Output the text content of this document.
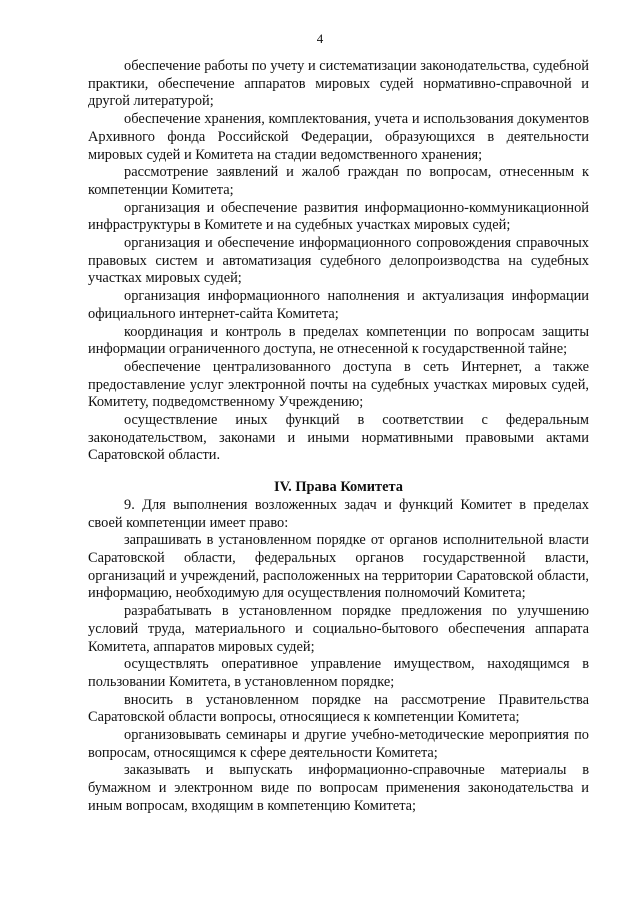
4

обеспечение работы по учету и систематизации законодательства, судебной практики, обеспечение аппаратов мировых судей нормативно-справочной и другой литературой;

обеспечение хранения, комплектования, учета и использования документов Архивного фонда Российской Федерации, образующихся в деятельности мировых судей и Комитета на стадии ведомственного хранения;

рассмотрение заявлений и жалоб граждан по вопросам, отнесенным к компетенции Комитета;

организация и обеспечение развития информационно-коммуникационной инфраструктуры в Комитете и на судебных участках мировых судей;

организация и обеспечение информационного сопровождения справочных правовых систем и автоматизация судебного делопроизводства на судебных участках мировых судей;

организация информационного наполнения и актуализация информации официального интернет-сайта Комитета;

координация и контроль в пределах компетенции по вопросам защиты информации ограниченного доступа, не отнесенной к государственной тайне;

обеспечение централизованного доступа в сеть Интернет, а также предоставление услуг электронной почты на судебных участках мировых судей, Комитету, подведомственному Учреждению;

осуществление иных функций в соответствии с федеральным законодательством, законами и иными нормативными правовыми актами Саратовской области.

IV. Права Комитета

9. Для выполнения возложенных задач и функций Комитет в пределах своей компетенции имеет право:

запрашивать в установленном порядке от органов исполнительной власти Саратовской области, федеральных органов государственной власти, организаций и учреждений, расположенных на территории Саратовской области, информацию, необходимую для осуществления полномочий Комитета;

разрабатывать в установленном порядке предложения по улучшению условий труда, материального и социально-бытового обеспечения аппарата Комитета, аппаратов мировых судей;

осуществлять оперативное управление имуществом, находящимся в пользовании Комитета, в установленном порядке;

вносить в установленном порядке на рассмотрение Правительства Саратовской области вопросы, относящиеся к компетенции Комитета;

организовывать семинары и другие учебно-методические мероприятия по вопросам, относящимся к сфере деятельности Комитета;

заказывать и выпускать информационно-справочные материалы в бумажном и электронном виде по вопросам применения законодательства и иным вопросам, входящим в компетенцию Комитета;
